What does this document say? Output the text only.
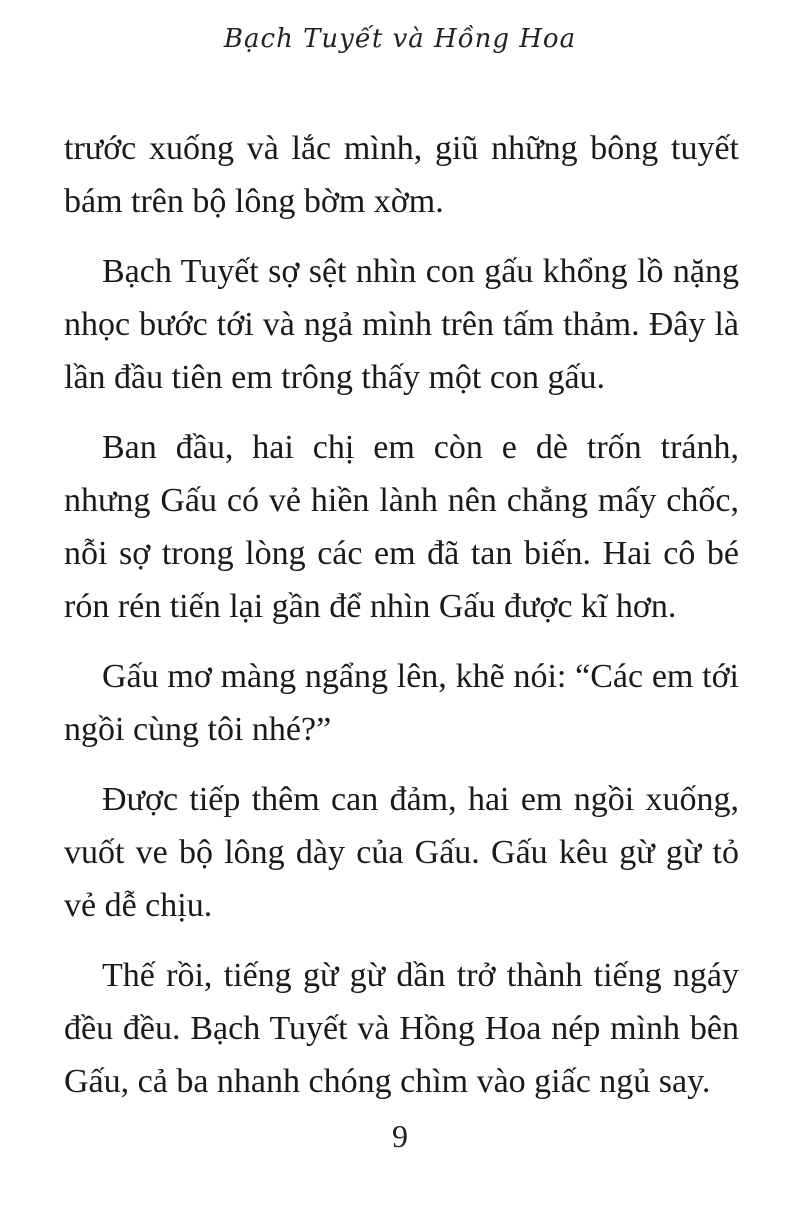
Bạch Tuyết và Hồng Hoa

trước xuống và lắc mình, giũ những bông tuyết bám trên bộ lông bờm xờm.

Bạch Tuyết sợ sệt nhìn con gấu khổng lồ nặng nhọc bước tới và ngả mình trên tấm thảm. Đây là lần đầu tiên em trông thấy một con gấu.

Ban đầu, hai chị em còn e dè trốn tránh, nhưng Gấu có vẻ hiền lành nên chẳng mấy chốc, nỗi sợ trong lòng các em đã tan biến. Hai cô bé rón rén tiến lại gần để nhìn Gấu được kĩ hơn.

Gấu mơ màng ngẩng lên, khẽ nói: “Các em tới ngồi cùng tôi nhé?”

Được tiếp thêm can đảm, hai em ngồi xuống, vuốt ve bộ lông dày của Gấu. Gấu kêu gừ gừ tỏ vẻ dễ chịu.

Thế rồi, tiếng gừ gừ dần trở thành tiếng ngáy đều đều. Bạch Tuyết và Hồng Hoa nép mình bên Gấu, cả ba nhanh chóng chìm vào giấc ngủ say.

9
